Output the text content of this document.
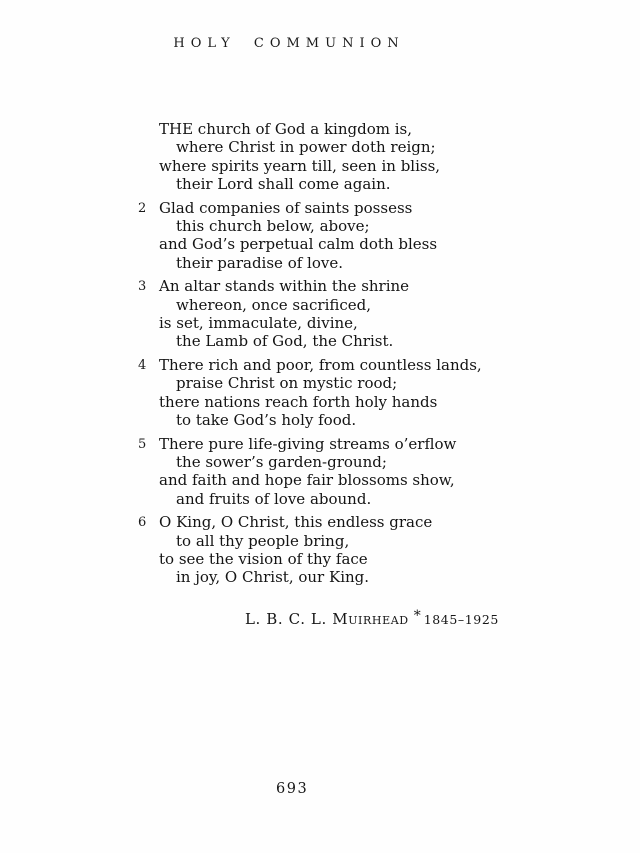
HOLY COMMUNION
THE church of God a kingdom is,
where Christ in power doth reign;
where spirits yearn till, seen in bliss,
their Lord shall come again.
2 Glad companies of saints possess
this church below, above;
and God’s perpetual calm doth bless
their paradise of love.
3 An altar stands within the shrine
whereon, once sacrificed,
is set, immaculate, divine,
the Lamb of God, the Christ.
4 There rich and poor, from countless lands,
praise Christ on mystic rood;
there nations reach forth holy hands
to take God’s holy food.
5 There pure life-giving streams o’erflow
the sower’s garden-ground;
and faith and hope fair blossoms show,
and fruits of love abound.
6 O King, O Christ, this endless grace
to all thy people bring,
to see the vision of thy face
in joy, O Christ, our King.
L. B. C. L. Muirhead * 1845–1925
693
